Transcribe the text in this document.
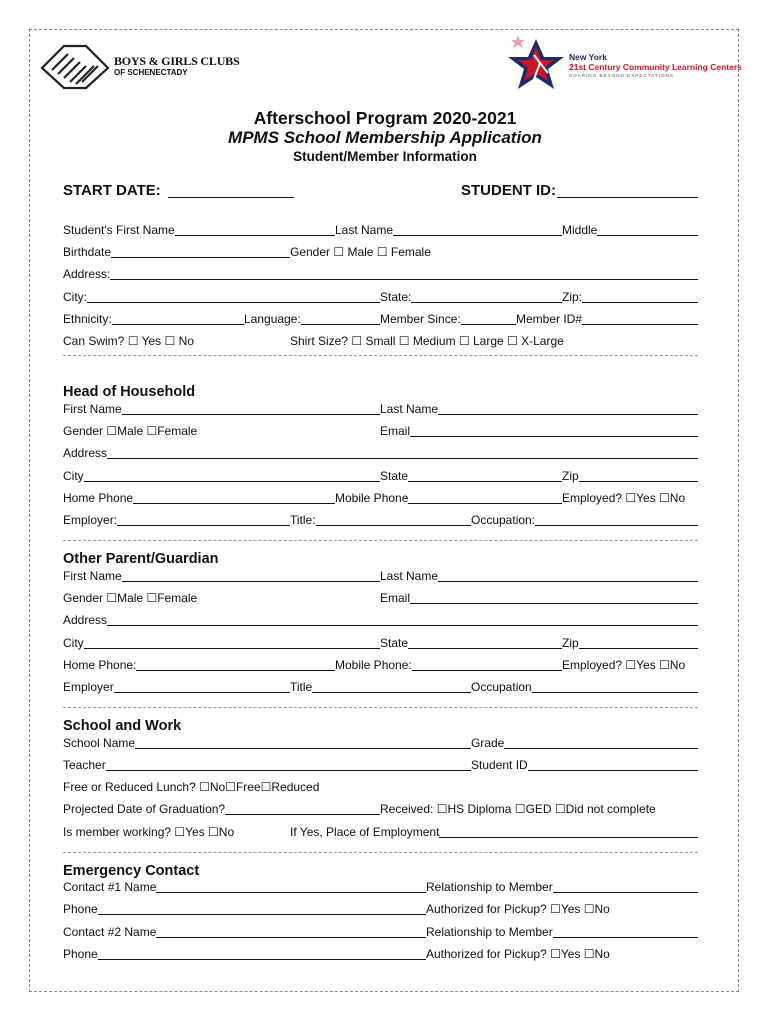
BOYS & GIRLS CLUBS
OF SCHENECTADY
New York
21st Century Community Learning Centers
SOARING BEYOND EXPECTATIONS
Afterschool Program 2020-2021
MPMS School Membership Application
Student/Member Information
START DATE:	STUDENT ID:
Head of Household
Other Parent/Guardian
School and Work
Emergency Contact
Student's First Name	Last Name	Middle
Birthdate	Gender ☐ Male ☐ Female
Address:
City:	State:	Zip:
Ethnicity:	Language:	Member Since:	Member ID#
Can Swim? ☐ Yes ☐ No	Shirt Size? ☐ Small ☐ Medium ☐ Large ☐ X-Large
First Name	Last Name
Gender ☐Male ☐Female	Email
Address
City	State	Zip
Home Phone	Mobile Phone	Employed? ☐Yes ☐No
Employer:	Title:	Occupation:
First Name	Last Name
Gender ☐Male ☐Female	Email
Address
City	State	Zip
Home Phone:	Mobile Phone:	Employed? ☐Yes ☐No
Employer	Title	Occupation
School Name	Grade
Teacher	Student ID
Free or Reduced Lunch? ☐No☐Free☐Reduced
Projected Date of Graduation?	Received: ☐HS Diploma ☐GED ☐Did not complete
Is member working? ☐Yes ☐No	If Yes, Place of Employment
Contact #1 Name	Relationship to Member
Phone	Authorized for Pickup? ☐Yes ☐No
Contact #2 Name	Relationship to Member
Phone	Authorized for Pickup? ☐Yes ☐No
